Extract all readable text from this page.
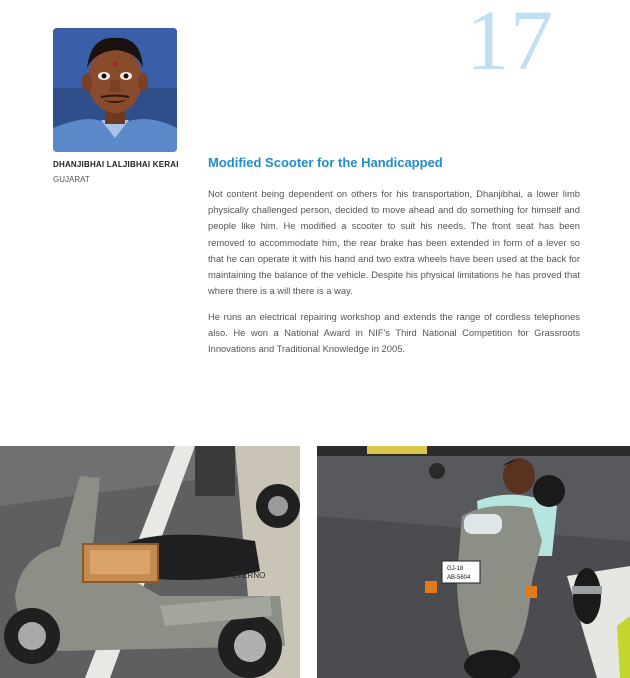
17
DHANJIBHAI LALJIBHAI KERAI
GUJARAT
Modified Scooter for the Handicapped

Not content being dependent on others for his transportation, Dhanjibhai, a lower limb physically challenged person, decided to move ahead and do something for himself and people like him. He modified a scooter to suit his needs. The front seat has been removed to accommodate him, the rear brake has been extended in form of a lever so that he can operate it with his hand and two extra wheels have been used at the back for maintaining the balance of the vehicle. Despite his physical limitations he has proved that where there is a will there is a way.

He runs an electrical repairing workshop and extends the range of cordless telephones also. He won a National Award in NIF's Third National Competition for Grassroots Innovations and Traditional Knowledge in 2005.

ETERNO
GJ-18
AB-5604
